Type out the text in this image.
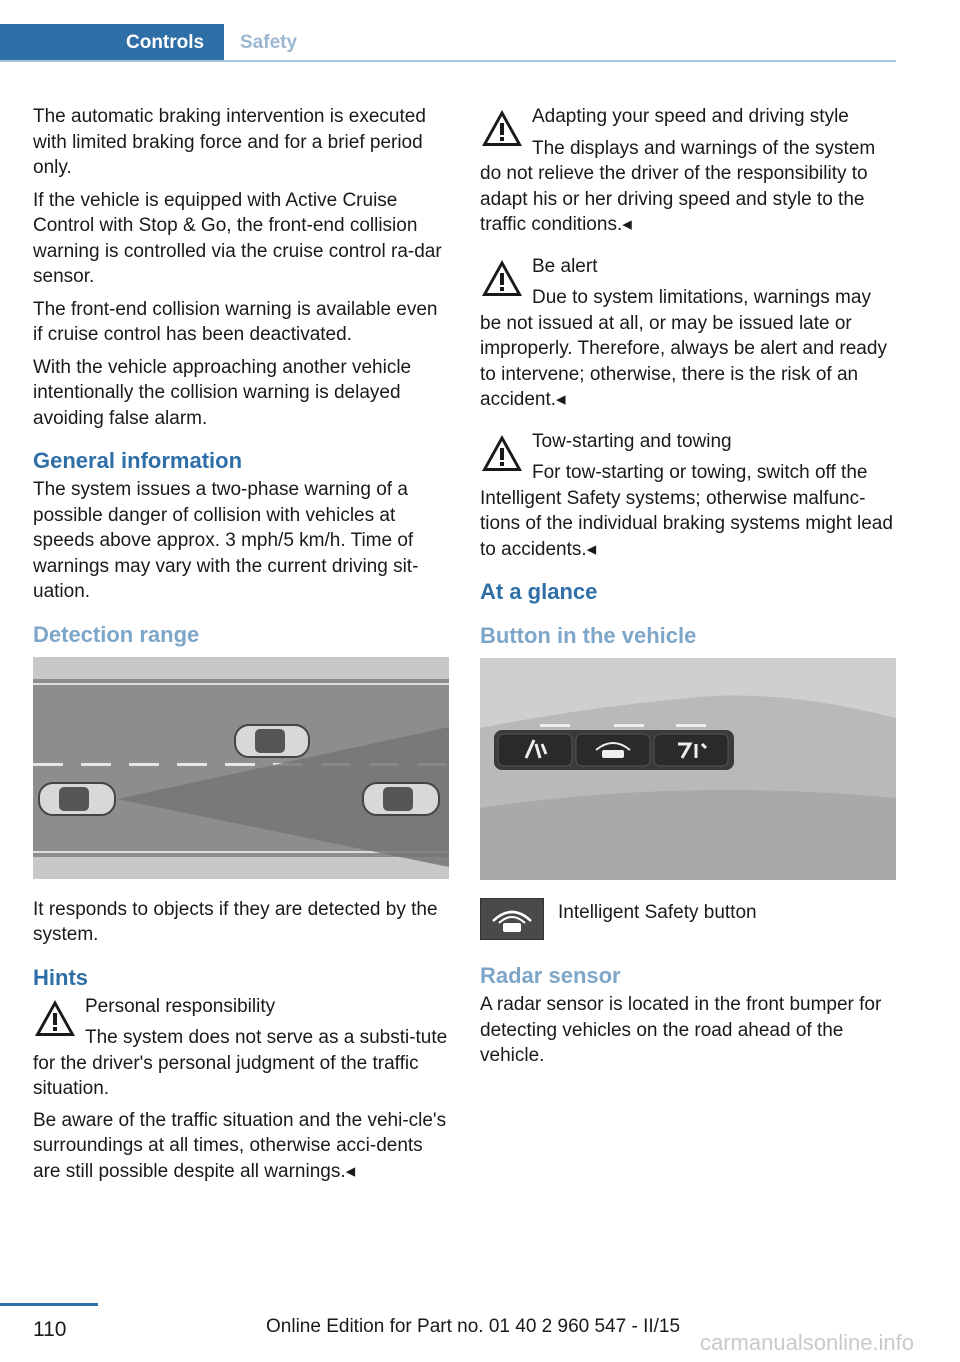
Controls Safety

The automatic braking intervention is executed with limited braking force and for a brief period only.

If the vehicle is equipped with Active Cruise Control with Stop & Go, the front-end collision warning is controlled via the cruise control ra-dar sensor.

The front-end collision warning is available even if cruise control has been deactivated.

With the vehicle approaching another vehicle intentionally the collision warning is delayed avoiding false alarm.

General information

The system issues a two-phase warning of a possible danger of collision with vehicles at speeds above approx. 3 mph/5 km/h. Time of warnings may vary with the current driving sit-uation.

Detection range

It responds to objects if they are detected by the system.

Hints
Personal responsibility
The system does not serve as a substi-tute for the driver's personal judgment of the traffic situation.

Be aware of the traffic situation and the vehi-cle's surroundings at all times, otherwise acci-dents are still possible despite all warnings.◂

Adapting your speed and driving style
The displays and warnings of the system do not relieve the driver of the responsibility to adapt his or her driving speed and style to the traffic conditions.◂
Be alert
Due to system limitations, warnings may be not issued at all, or may be issued late or improperly. Therefore, always be alert and ready to intervene; otherwise, there is the risk of an accident.◂
Tow-starting and towing
For tow-starting or towing, switch off the Intelligent Safety systems; otherwise malfunc-tions of the individual braking systems might lead to accidents.◂
At a glance
Button in the vehicle
Intelligent Safety button
Radar sensor

A radar sensor is located in the front bumper for detecting vehicles on the road ahead of the vehicle.

110	Online Edition for Part no. 01 40 2 960 547 - II/15
carmanualsonline.info
